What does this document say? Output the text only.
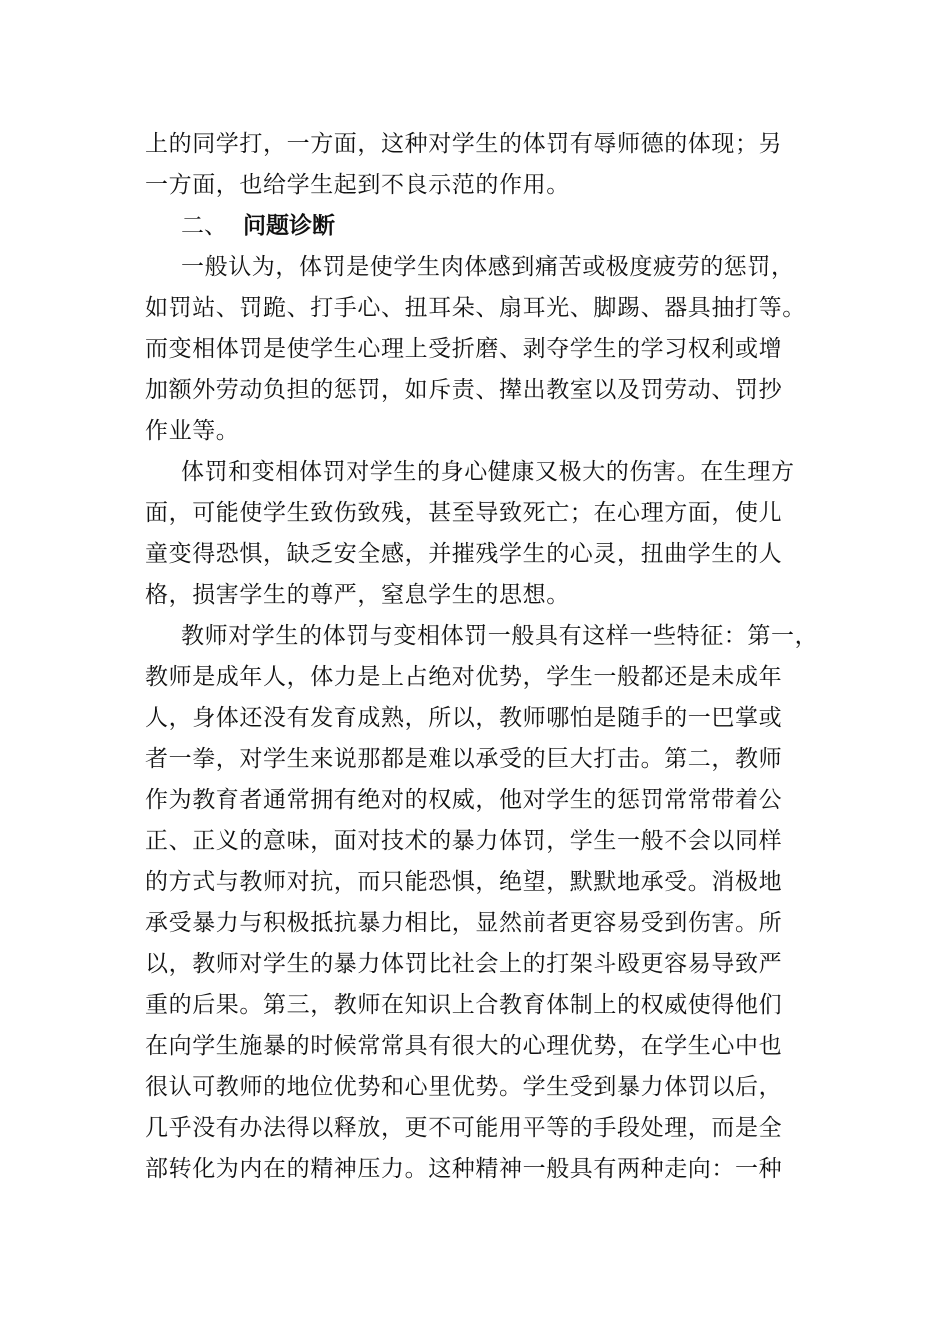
上的同学打，一方面，这种对学生的体罚有辱师德的体现；另
一方面，也给学生起到不良示范的作用。
二、 问题诊断
一般认为，体罚是使学生肉体感到痛苦或极度疲劳的惩罚，
如罚站、罚跪、打手心、扭耳朵、扇耳光、脚踢、器具抽打等。
而变相体罚是使学生心理上受折磨、剥夺学生的学习权利或增
加额外劳动负担的惩罚，如斥责、撵出教室以及罚劳动、罚抄
作业等。
体罚和变相体罚对学生的身心健康又极大的伤害。在生理方
面，可能使学生致伤致残，甚至导致死亡；在心理方面，使儿
童变得恐惧，缺乏安全感，并摧残学生的心灵，扭曲学生的人
格，损害学生的尊严，窒息学生的思想。
教师对学生的体罚与变相体罚一般具有这样一些特征：第一，
教师是成年人，体力是上占绝对优势，学生一般都还是未成年
人，身体还没有发育成熟，所以，教师哪怕是随手的一巴掌或
者一拳，对学生来说那都是难以承受的巨大打击。第二，教师
作为教育者通常拥有绝对的权威，他对学生的惩罚常常带着公
正、正义的意味，面对技术的暴力体罚，学生一般不会以同样
的方式与教师对抗，而只能恐惧，绝望，默默地承受。消极地
承受暴力与积极抵抗暴力相比，显然前者更容易受到伤害。所
以，教师对学生的暴力体罚比社会上的打架斗殴更容易导致严
重的后果。第三，教师在知识上合教育体制上的权威使得他们
在向学生施暴的时候常常具有很大的心理优势，在学生心中也
很认可教师的地位优势和心里优势。学生受到暴力体罚以后，
几乎没有办法得以释放，更不可能用平等的手段处理，而是全
部转化为内在的精神压力。这种精神一般具有两种走向：一种
